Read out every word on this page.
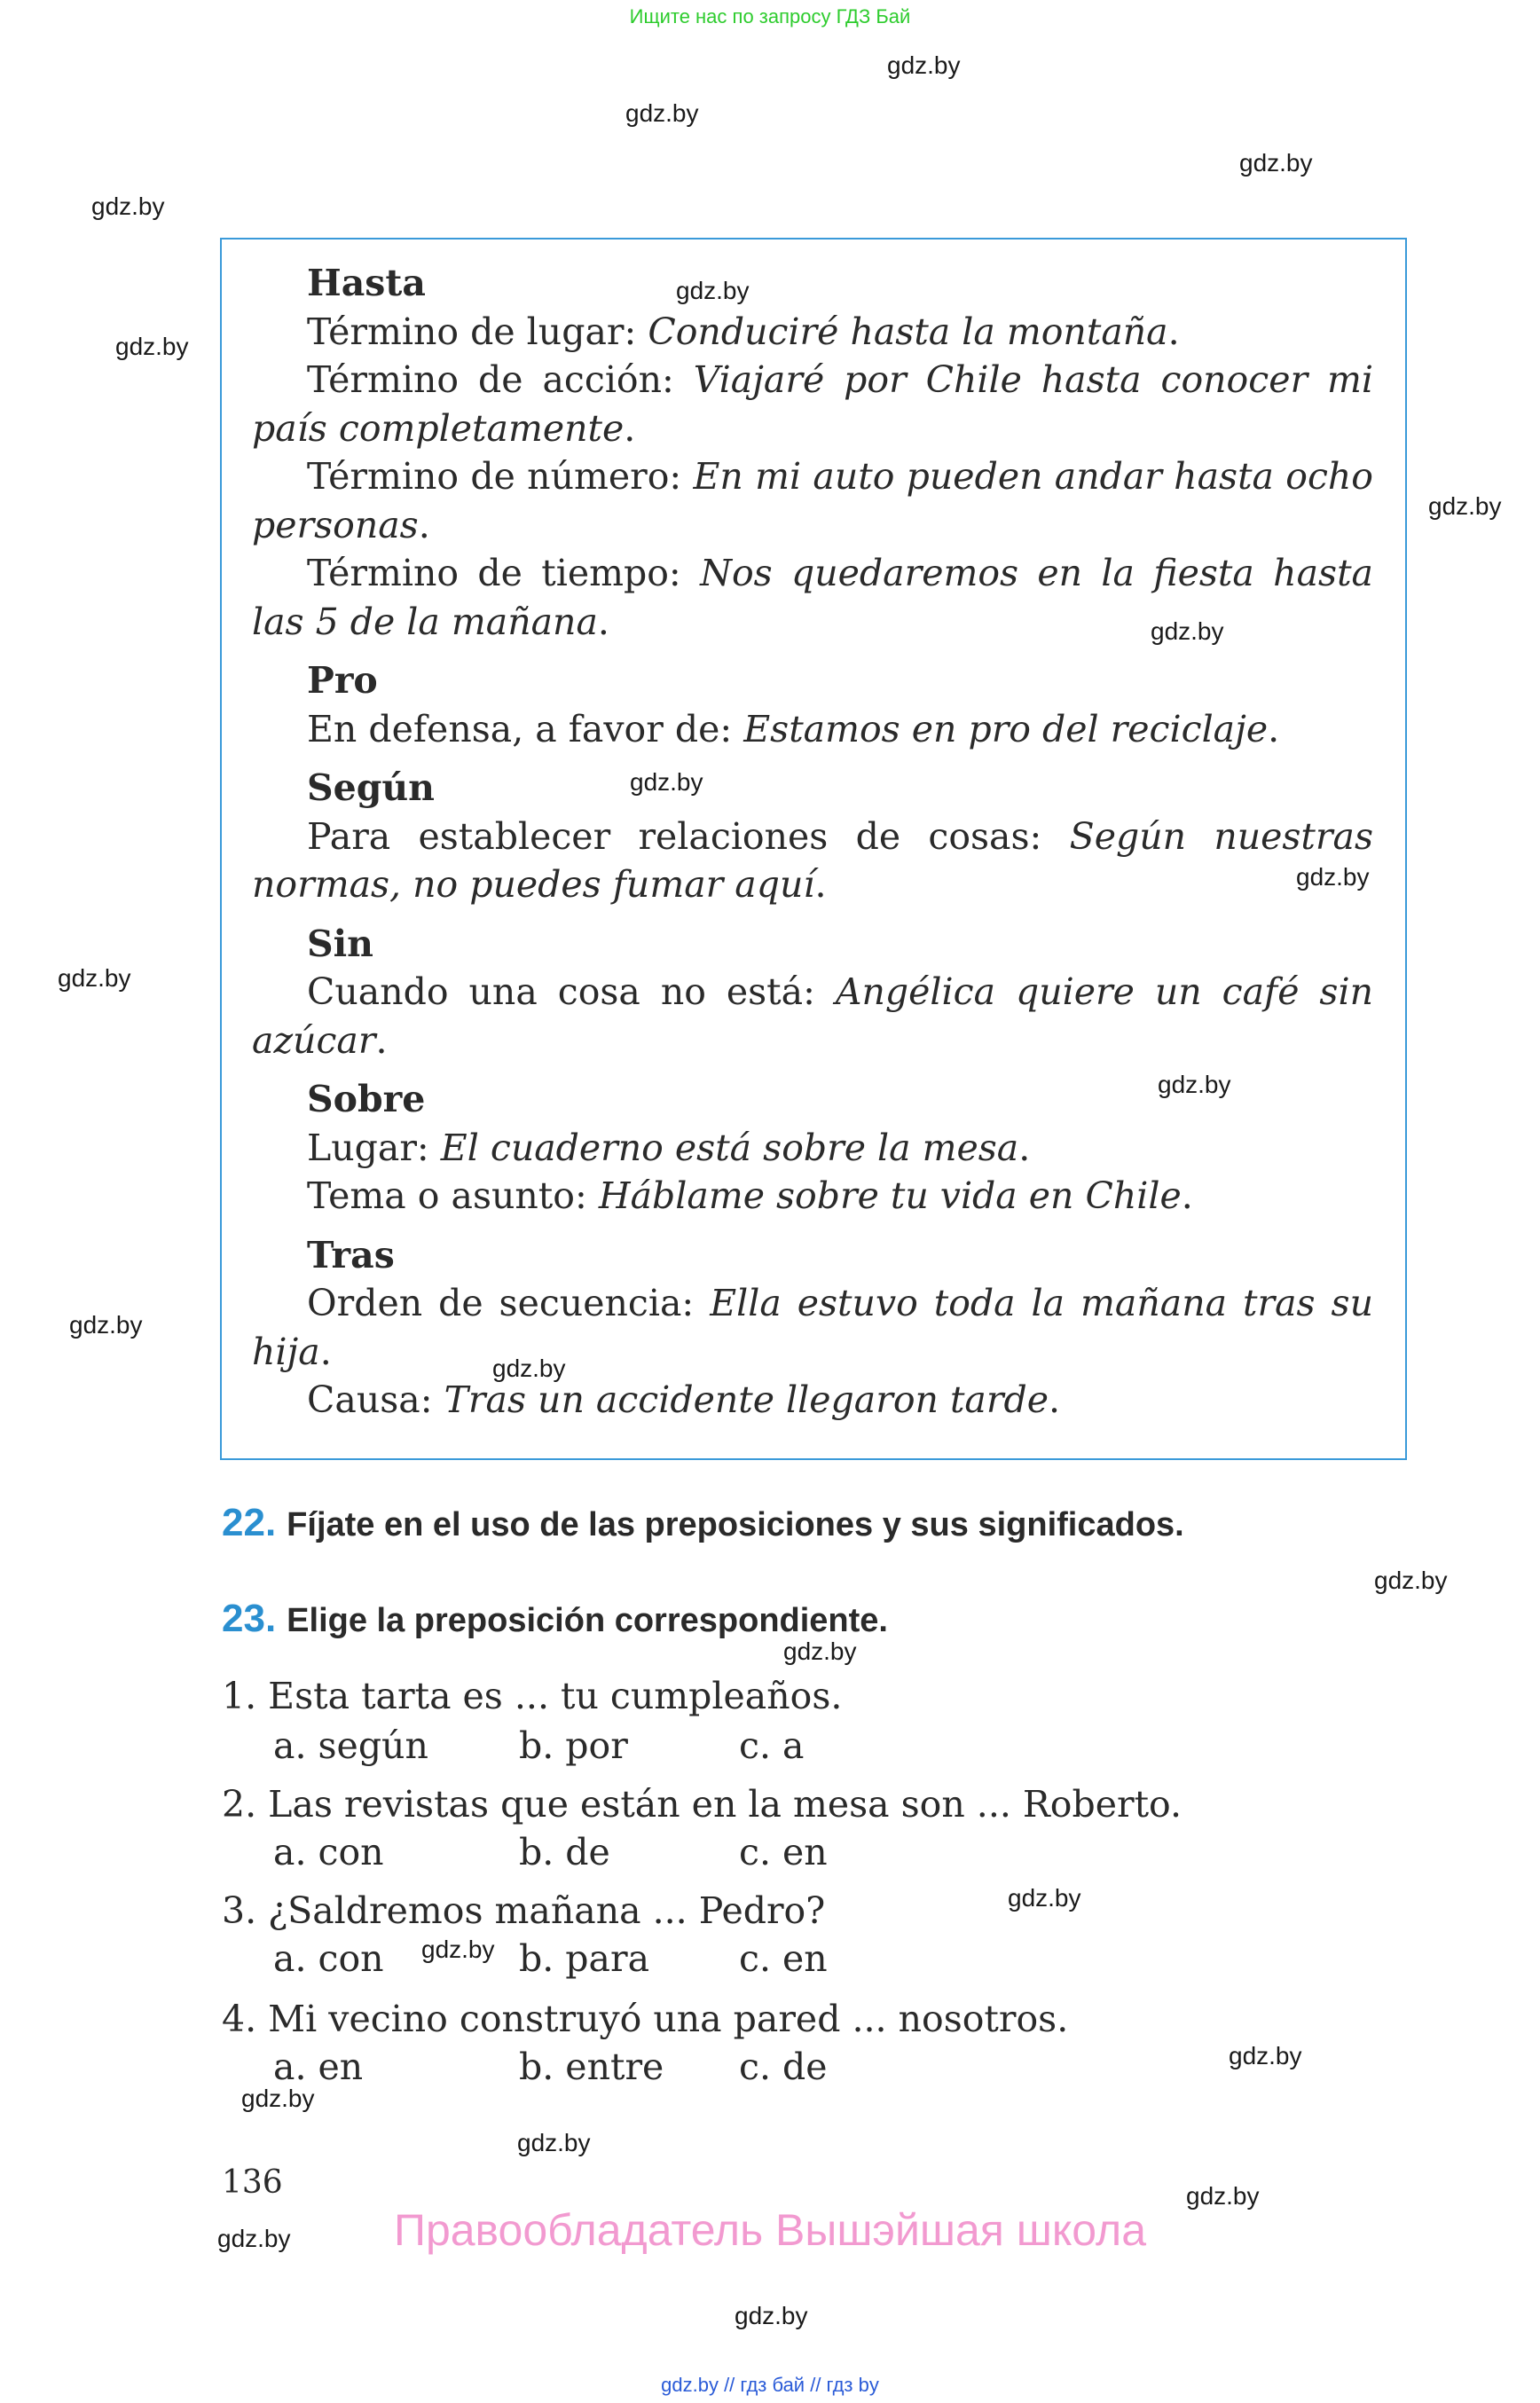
Ищите нас по запросу ГДЗ Бай
gdz.by
gdz.by
gdz.by
gdz.by
gdz.by
gdz.by
gdz.by
gdz.by
gdz.by
gdz.by
gdz.by
gdz.by
gdz.by
gdz.by
gdz.by
gdz.by
gdz.by
gdz.by
gdz.by
gdz.by
gdz.by
gdz.by
gdz.by
gdz.by
Hasta
Término de lugar: Conduciré hasta la montaña.
Término de acción: Viajaré por Chile hasta conocer mi país completamente.
Término de número: En mi auto pueden andar hasta ocho personas.
Término de tiempo: Nos quedaremos en la fiesta hasta las 5 de la mañana.
Pro
En defensa, a favor de: Estamos en pro del reciclaje.
Según
Para establecer relaciones de cosas: Según nuestras normas, no puedes fumar aquí.
Sin
Cuando una cosa no está: Angélica quiere un café sin azúcar.
Sobre
Lugar: El cuaderno está sobre la mesa.
Tema o asunto: Háblame sobre tu vida en Chile.
Tras
Orden de secuencia: Ella estuvo toda la mañana tras su hija.
Causa: Tras un accidente llegaron tarde.
22. Fíjate en el uso de las preposiciones y sus significados.
23. Elige la preposición correspondiente.
1. Esta tarta es ... tu cumpleaños.
a. según b. por	c. a
2. Las revistas que están en la mesa son ... Roberto.
a. con	b. de	c. en
3. ¿Saldremos mañana ... Pedro?
a. con	b. para c. en
4. Mi vecino construyó una pared ... nosotros.
a. en	b. entre c. de
136
Правообладатель Вышэйшая школа
gdz.by // гдз бай // гдз by
